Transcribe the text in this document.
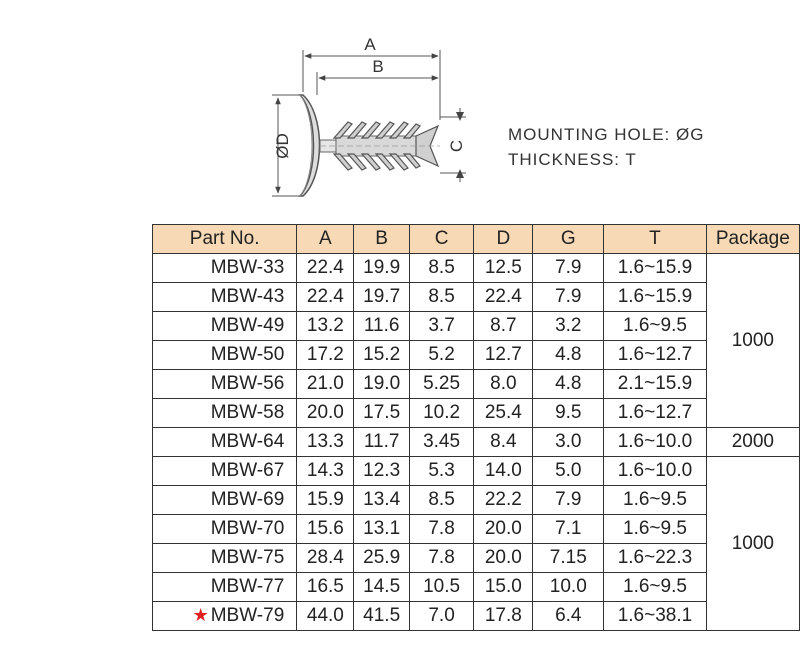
A
B
ØD	C
MOUNTING HOLE: ØG
THICKNESS: T
Part No.	A	B	C	D	G	T	Package
MBW-33	22.4	19.9	8.5	12.5	7.9	1.6~15.9	1000
MBW-43	22.4	19.7	8.5	22.4	7.9	1.6~15.9	
MBW-49	13.2	11.6	3.7	8.7	3.2	1.6~9.5	
MBW-50	17.2	15.2	5.2	12.7	4.8	1.6~12.7	
MBW-56	21.0	19.0	5.25	8.0	4.8	2.1~15.9	
MBW-58	20.0	17.5	10.2	25.4	9.5	1.6~12.7	
MBW-64	13.3	11.7	3.45	8.4	3.0	1.6~10.0	2000
MBW-67	14.3	12.3	5.3	14.0	5.0	1.6~10.0	1000
MBW-69	15.9	13.4	8.5	22.2	7.9	1.6~9.5	
MBW-70	15.6	13.1	7.8	20.0	7.1	1.6~9.5	
MBW-75	28.4	25.9	7.8	20.0	7.15	1.6~22.3	
MBW-77	16.5	14.5	10.5	15.0	10.0	1.6~9.5	
★ MBW-79	44.0	41.5	7.0	17.8	6.4	1.6~38.1	
